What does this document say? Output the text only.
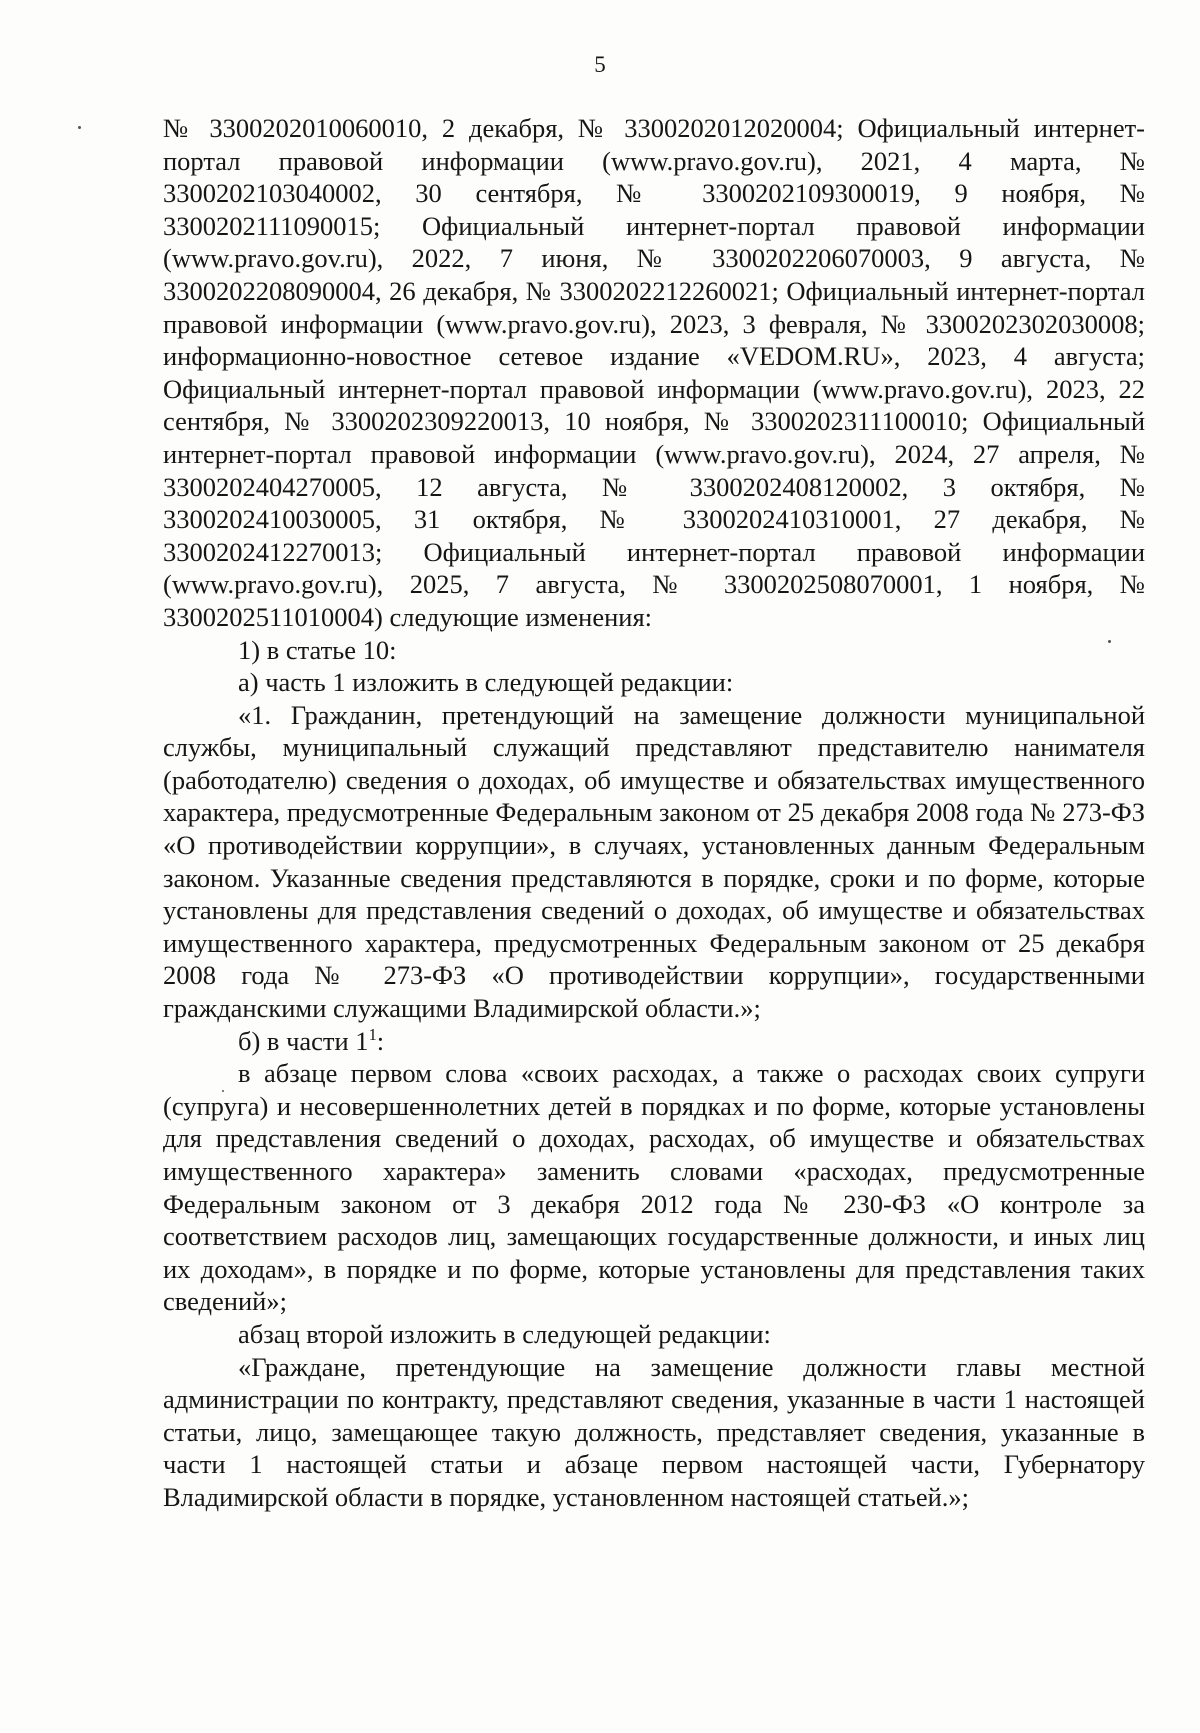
5

№ 3300202010060010, 2 декабря, № 3300202012020004; Официальный интернет-портал правовой информации (www.pravo.gov.ru), 2021, 4 марта, № 3300202103040002, 30 сентября, № 3300202109300019, 9 ноября, № 3300202111090015; Официальный интернет-портал правовой информации (www.pravo.gov.ru), 2022, 7 июня, № 3300202206070003, 9 августа, № 3300202208090004, 26 декабря, № 3300202212260021; Официальный интернет-портал правовой информации (www.pravo.gov.ru), 2023, 3 февраля, № 3300202302030008; информационно-новостное сетевое издание «VEDOM.RU», 2023, 4 августа; Официальный интернет-портал правовой информации (www.pravo.gov.ru), 2023, 22 сентября, № 3300202309220013, 10 ноября, № 3300202311100010; Официальный интернет-портал правовой информации (www.pravo.gov.ru), 2024, 27 апреля, № 3300202404270005, 12 августа, № 3300202408120002, 3 октября, № 3300202410030005, 31 октября, № 3300202410310001, 27 декабря, № 3300202412270013; Официальный интернет-портал правовой информации (www.pravo.gov.ru), 2025, 7 августа, № 3300202508070001, 1 ноября, № 3300202511010004) следующие изменения:

1) в статье 10:

а) часть 1 изложить в следующей редакции:

«1. Гражданин, претендующий на замещение должности муниципальной службы, муниципальный служащий представляют представителю нанимателя (работодателю) сведения о доходах, об имуществе и обязательствах имущественного характера, предусмотренные Федеральным законом от 25 декабря 2008 года № 273-ФЗ «О противодействии коррупции», в случаях, установленных данным Федеральным законом. Указанные сведения представляются в порядке, сроки и по форме, которые установлены для представления сведений о доходах, об имуществе и обязательствах имущественного характера, предусмотренных Федеральным законом от 25 декабря 2008 года № 273-ФЗ «О противодействии коррупции», государственными гражданскими служащими Владимирской области.»;

б) в части $1^1$:

в абзаце первом слова «своих расходах, а также о расходах своих супруги (супруга) и несовершеннолетних детей в порядках и по форме, которые установлены для представления сведений о доходах, расходах, об имуществе и обязательствах имущественного характера» заменить словами «расходах, предусмотренные Федеральным законом от 3 декабря 2012 года № 230-ФЗ «О контроле за соответствием расходов лиц, замещающих государственные должности, и иных лиц их доходам», в порядке и по форме, которые установлены для представления таких сведений»;

абзац второй изложить в следующей редакции:

«Граждане, претендующие на замещение должности главы местной администрации по контракту, представляют сведения, указанные в части 1 настоящей статьи, лицо, замещающее такую должность, представляет сведения, указанные в части 1 настоящей статьи и абзаце первом настоящей части, Губернатору Владимирской области в порядке, установленном настоящей статьей.»;
